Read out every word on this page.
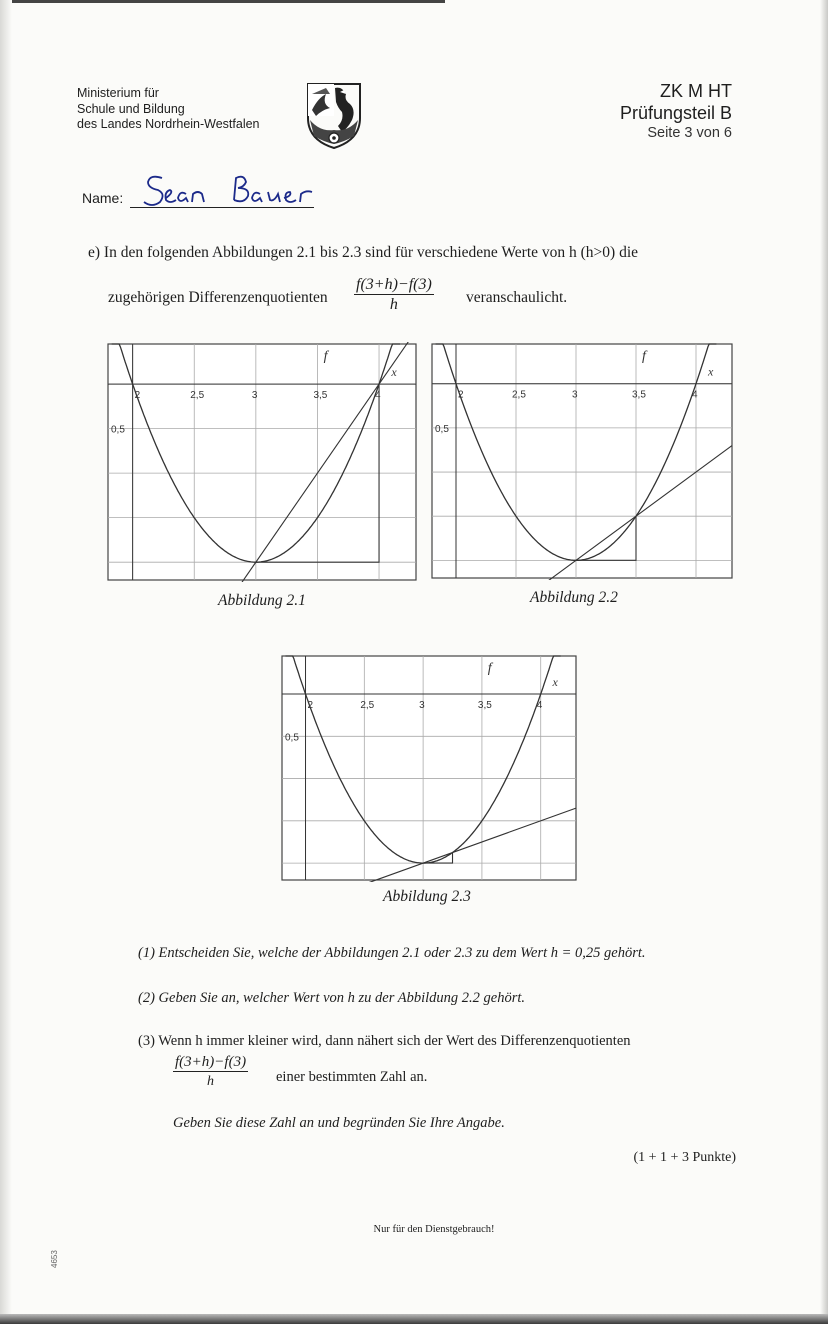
Ministerium für
Schule und Bildung
des Landes Nordrhein-Westfalen
ZK M HT
Prüfungsteil B
Seite 3 von 6
Name:
e) In den folgenden Abbildungen 2.1 bis 2.3 sind für verschiedene Werte von h (h>0) die
zugehörigen Differenzenquotienten $\frac{f(3+h)-f(3)}{h}$ veranschaulicht.
2	2,5	3	3,5	4
0,5
f
x
Abbildung 2.1
2	2,5	3	3,5	4
0,5
f
x
Abbildung 2.2
2	2,5	3	3,5	4
0,5
f
x
Abbildung 2.3
(1) Entscheiden Sie, welche der Abbildungen 2.1 oder 2.3 zu dem Wert h = 0,25 gehört.
(2) Geben Sie an, welcher Wert von h zu der Abbildung 2.2 gehört.
(3) Wenn h immer kleiner wird, dann nähert sich der Wert des Differenzenquotienten
$\frac{f(3+h)-f(3)}{h}$ einer bestimmten Zahl an.
Geben Sie diese Zahl an und begründen Sie Ihre Angabe.
(1 + 1 + 3 Punkte)
Nur für den Dienstgebrauch!
4653
